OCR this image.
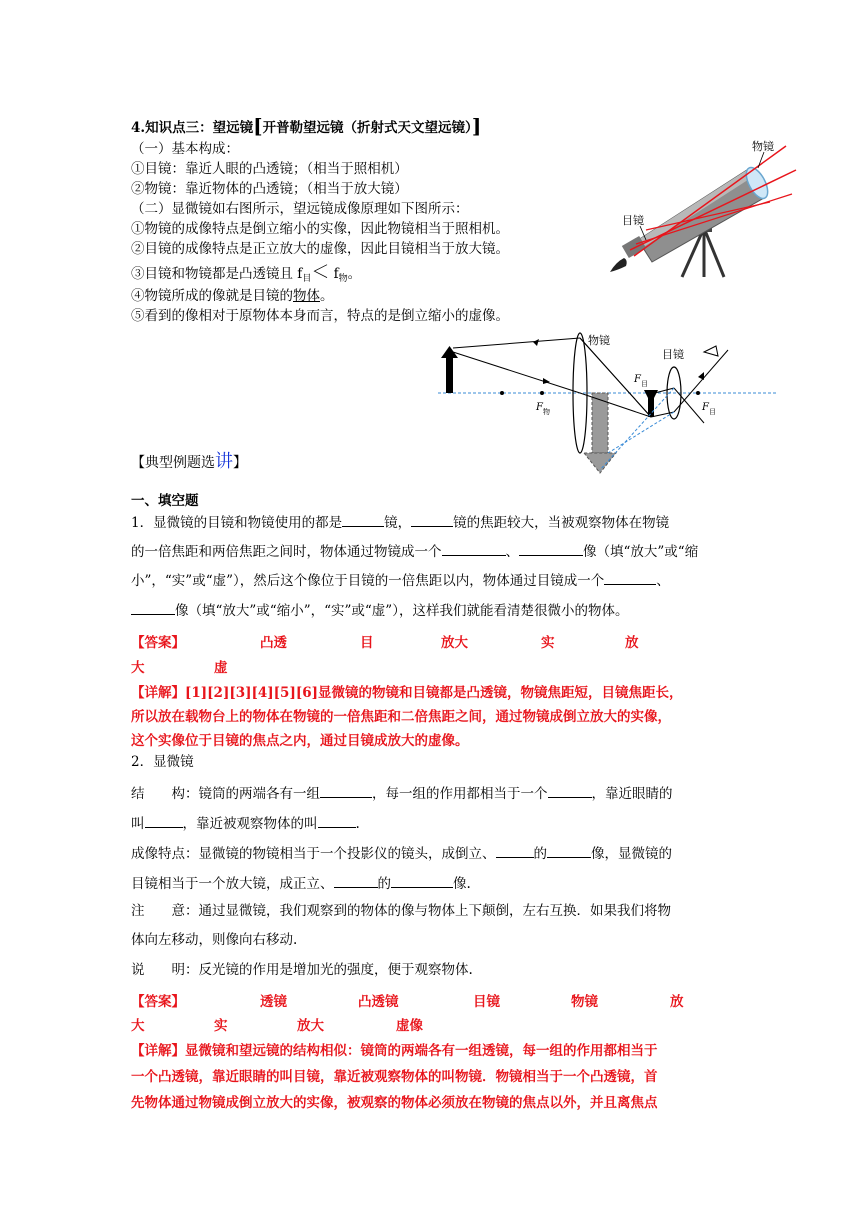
4.知识点三：望远镜[开普勒望远镜（折射式天文望远镜）]
（一）基本构成：
①目镜：靠近人眼的凸透镜；（相当于照相机）
②物镜：靠近物体的凸透镜；（相当于放大镜）
（二）显微镜如右图所示，望远镜成像原理如下图所示：
①物镜的成像特点是倒立缩小的实像，因此物镜相当于照相机。
②目镜的成像特点是正立放大的虚像，因此目镜相当于放大镜。
③目镜和物镜都是凸透镜且 $f_目< f_物$。
④物镜所成的像就是目镜的物体。
⑤看到的像相对于原物体本身而言，特点的是倒立缩小的虚像。
物镜
目镜
物镜
目镜
F 物
F 目
F 目
【典型例题选讲】
一、填空题
1．显微镜的目镜和物镜使用的都是	镜，	镜的焦距较大，当被观察物体在物镜
的一倍焦距和两倍焦距之间时，物体通过物镜成一个	、	像（填“放大”或“缩
小”，“实”或“虚”），然后这个像位于目镜的一倍焦距以内，物体通过目镜成一个	、
像（填“放大”或“缩小”，“实”或“虚”），这样我们就能看清楚很微小的物体。
【答案】	凸透	目	放大	实	放
大	虚
【详解】[1][2][3][4][5][6]显微镜的物镜和目镜都是凸透镜，物镜焦距短，目镜焦距长，
所以放在载物台上的物体在物镜的一倍焦距和二倍焦距之间，通过物镜成倒立放大的实像，
这个实像位于目镜的焦点之内，通过目镜成放大的虚像。
2．显微镜
结　　构：镜筒的两端各有一组	，每一组的作用都相当于一个	，靠近眼睛的
叫	，靠近被观察物体的叫	.
成像特点：显微镜的物镜相当于一个投影仪的镜头，成倒立、	的	像，显微镜的
目镜相当于一个放大镜，成正立、	的	像.
注　　意：通过显微镜，我们观察到的物体的像与物体上下颠倒，左右互换．如果我们将物
体向左移动，则像向右移动.
说　　明：反光镜的作用是增加光的强度，便于观察物体.
【答案】	透镜	凸透镜	目镜	物镜	放
大	实	放大	虚像
【详解】显微镜和望远镜的结构相似：镜筒的两端各有一组透镜，每一组的作用都相当于
一个凸透镜，靠近眼睛的叫目镜，靠近被观察物体的叫物镜．物镜相当于一个凸透镜，首
先物体通过物镜成倒立放大的实像，被观察的物体必须放在物镜的焦点以外，并且离焦点
